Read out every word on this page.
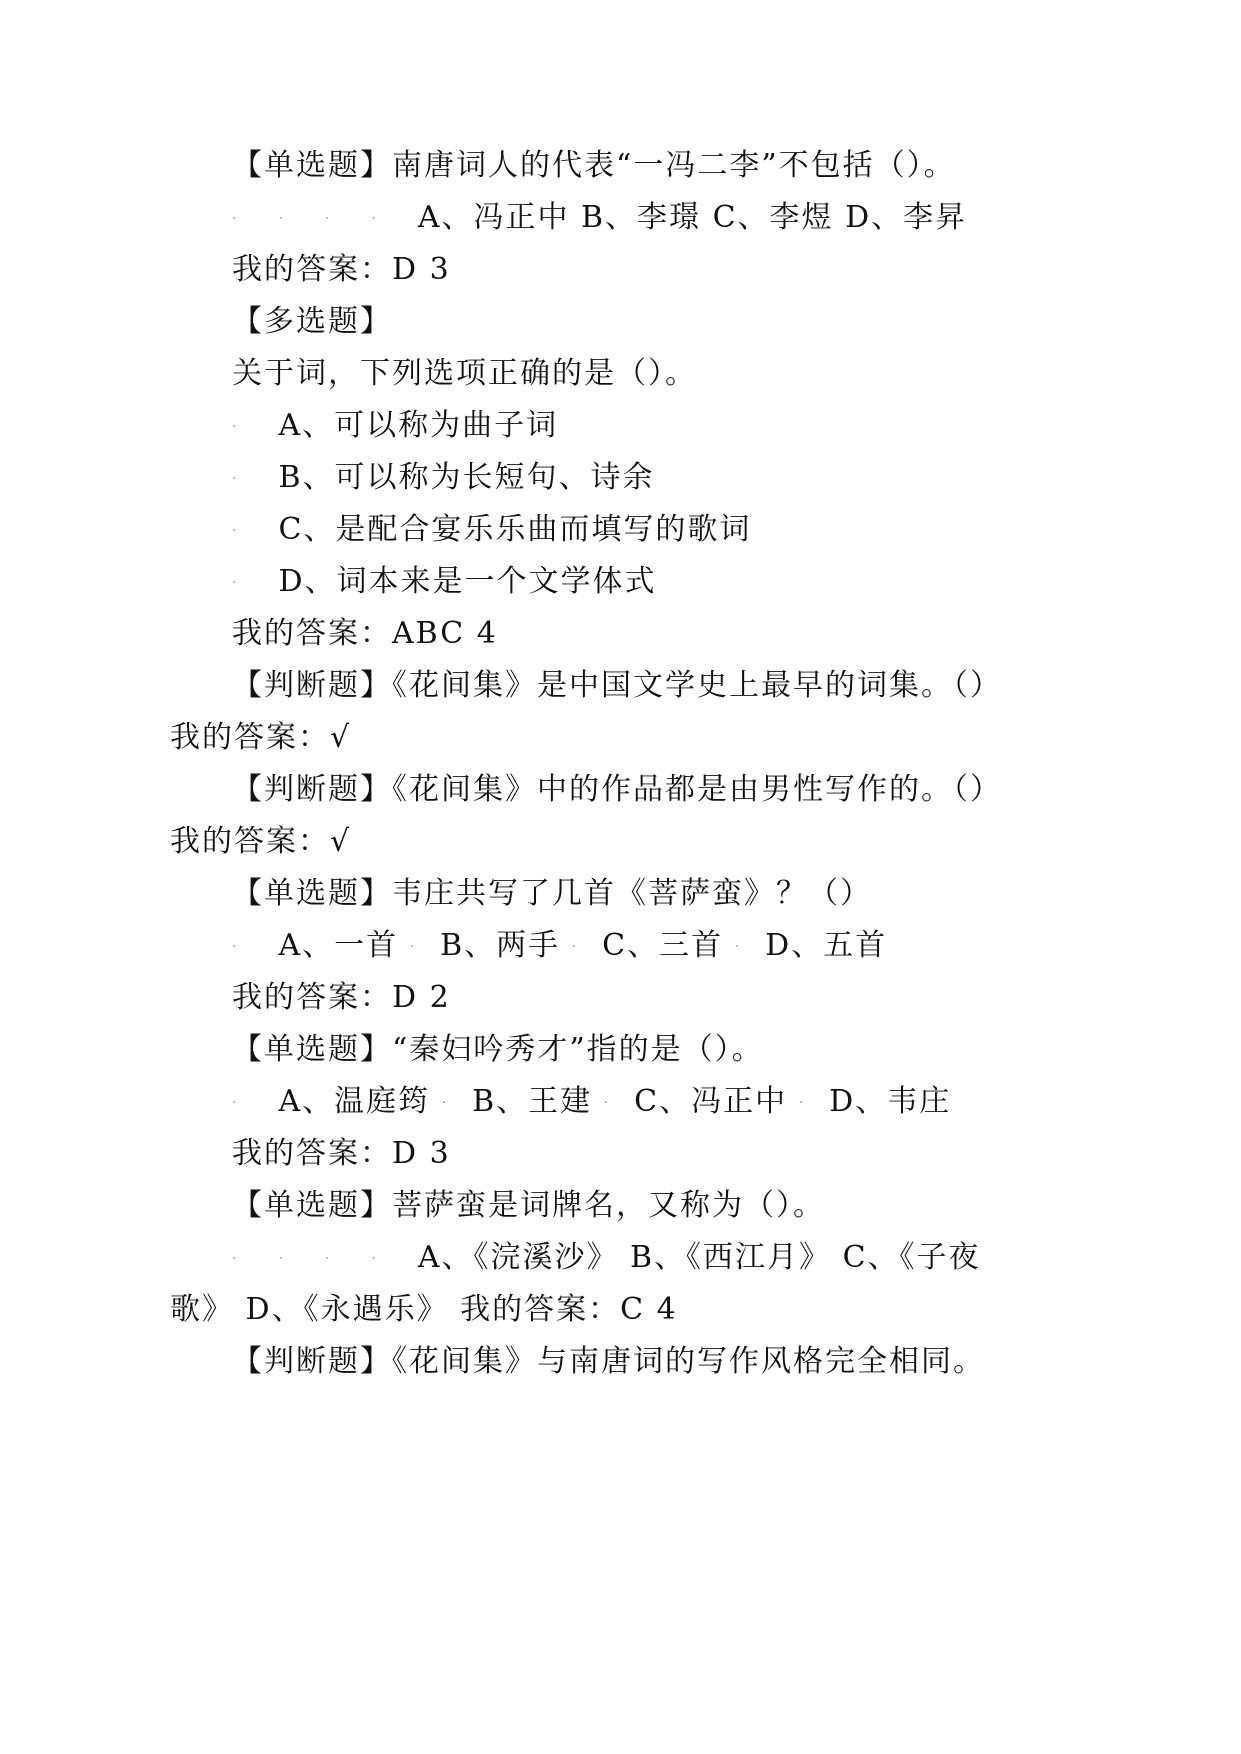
【单选题】南唐词人的代表“一冯二李”不包括（）。
·	·	·	· A、冯正中 B、李璟 C、李煜 D、李昇
我的答案：D 3
【多选题】
关于词，下列选项正确的是（）。
· A、可以称为曲子词
· B、可以称为长短句、诗余
· C、是配合宴乐乐曲而填写的歌词
· D、词本来是一个文学体式
我的答案：ABC 4
【判断题】《花间集》是中国文学史上最早的词集。（）
我的答案：√
【判断题】《花间集》中的作品都是由男性写作的。（）
我的答案：√
【单选题】韦庄共写了几首《菩萨蛮》？（）
· A、一首 · B、两手 · C、三首 · D、五首
我的答案：D 2
【单选题】“秦妇吟秀才”指的是（）。
· A、温庭筠 · B、王建 · C、冯正中 · D、韦庄
我的答案：D 3
【单选题】菩萨蛮是词牌名，又称为（）。
·	·	·	· A、《浣溪沙》 B、《西江月》 C、《子夜
歌》 D、《永遇乐》 我的答案：C 4
【判断题】《花间集》与南唐词的写作风格完全相同。
